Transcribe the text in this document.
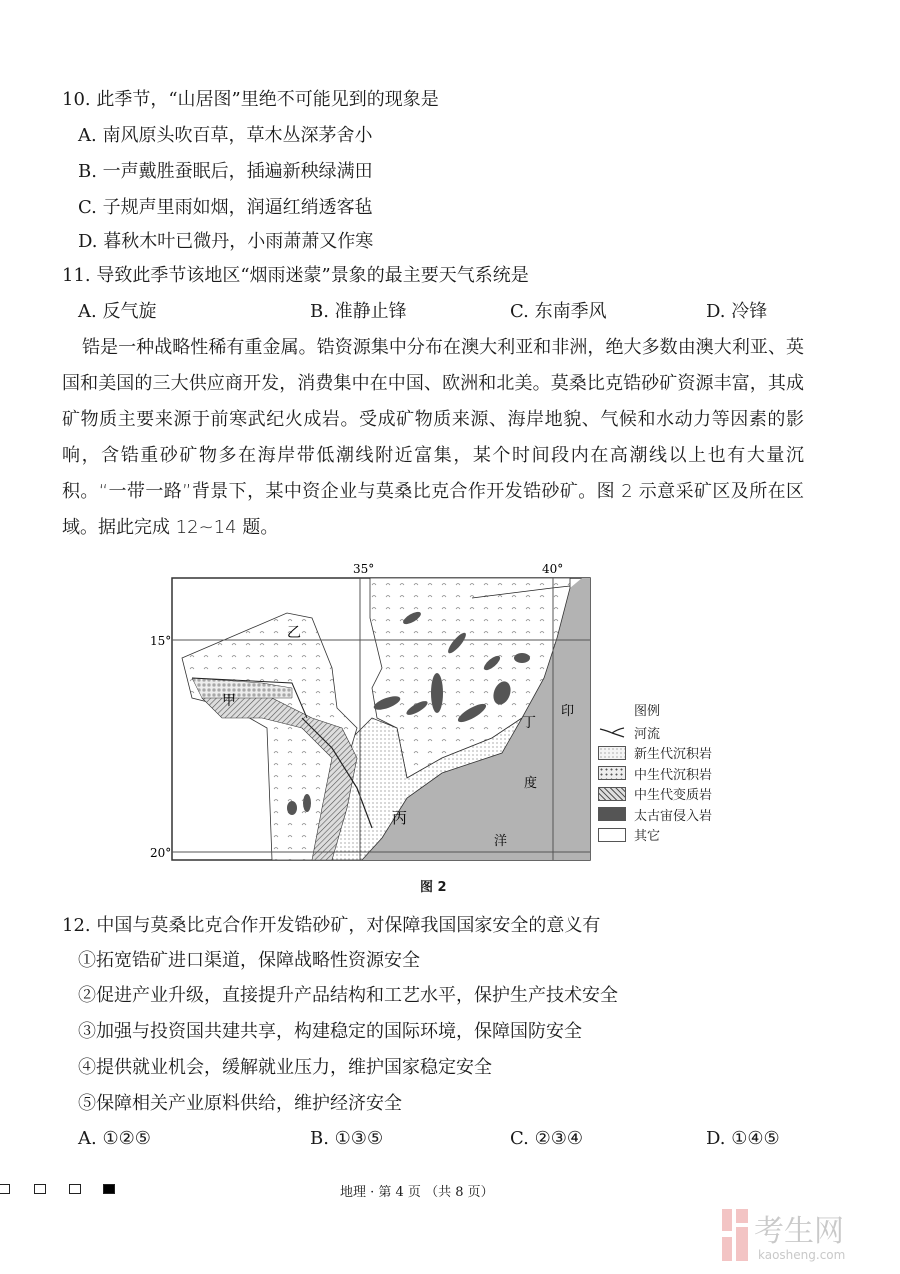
10. 此季节，“山居图”里绝不可能见到的现象是
A. 南风原头吹百草，草木丛深茅舍小
B. 一声戴胜蚕眠后，插遍新秧绿满田
C. 子规声里雨如烟，润逼红绡透客毡
D. 暮秋木叶已微丹，小雨萧萧又作寒
11. 导致此季节该地区“烟雨迷蒙”景象的最主要天气系统是
A. 反气旋	B. 准静止锋	C. 东南季风	D. 冷锋
锆是一种战略性稀有重金属。锆资源集中分布在澳大利亚和非洲，绝大多数由澳大利亚、英国和美国的三大供应商开发，消费集中在中国、欧洲和北美。莫桑比克锆砂矿资源丰富，其成矿物质主要来源于前寒武纪火成岩。受成矿物质来源、海岸地貌、气候和水动力等因素的影响，含锆重砂矿物多在海岸带低潮线附近富集，某个时间段内在高潮线以上也有大量沉积。“一带一路”背景下，某中资企业与莫桑比克合作开发锆砂矿。图 2 示意采矿区及所在区域。据此完成 12~14 题。
35°	40°
15°
20°
甲
乙
丙
丁
印
度
洋
图例
河流
新生代沉积岩
中生代沉积岩
中生代变质岩
太古宙侵入岩
其它
图 2
12. 中国与莫桑比克合作开发锆砂矿，对保障我国国家安全的意义有
①拓宽锆矿进口渠道，保障战略性资源安全
②促进产业升级，直接提升产品结构和工艺水平，保护生产技术安全
③加强与投资国共建共享，构建稳定的国际环境，保障国防安全
④提供就业机会，缓解就业压力，维护国家稳定安全
⑤保障相关产业原料供给，维护经济安全
A. ①②⑤	B. ①③⑤	C. ②③④	D. ①④⑤
地理 · 第 4 页 （共 8 页）
考生网
kaosheng.com
